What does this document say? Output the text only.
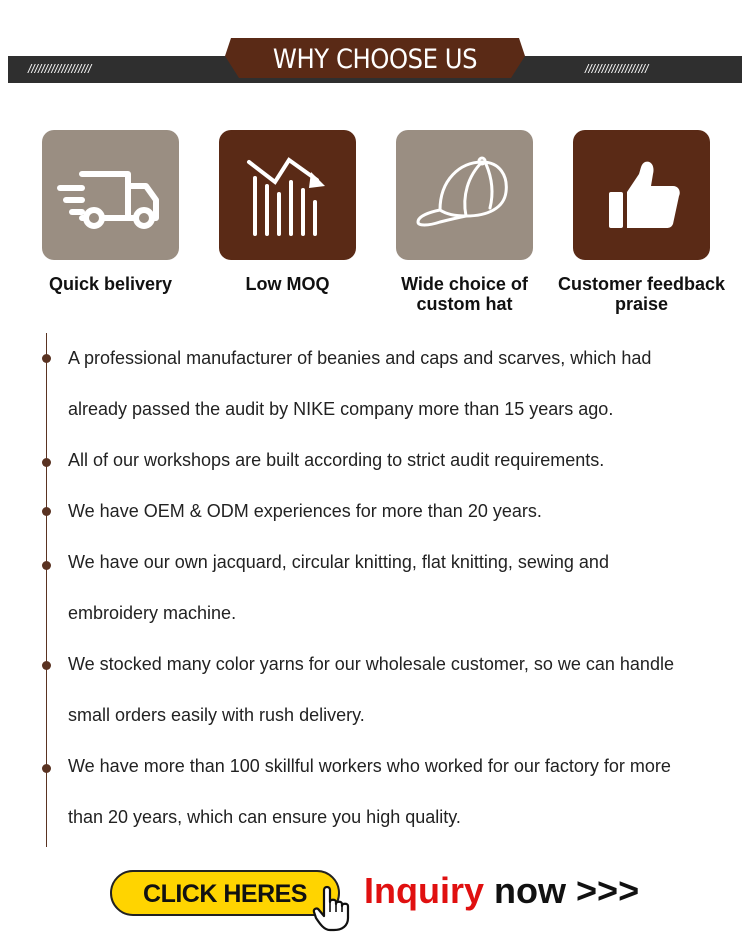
///////////////////	///////////////////
WHY CHOOSE US
Quick belivery	Low MOQ	Wide choice of custom hat
Customer feedback praise
A professional manufacturer of beanies and caps and scarves, which had
already passed the audit by NIKE company more than 15 years ago.
All of our workshops are built according to strict audit requirements.
We have OEM & ODM experiences for more than 20 years.
We have our own jacquard, circular knitting, flat knitting, sewing and
embroidery machine.
We stocked many color yarns for our wholesale customer, so we can handle
small orders easily with rush delivery.
We have more than 100 skillful workers who worked for our factory for more
than 20 years, which can ensure you high quality.
CLICK HERES	Inquiry now >>>
